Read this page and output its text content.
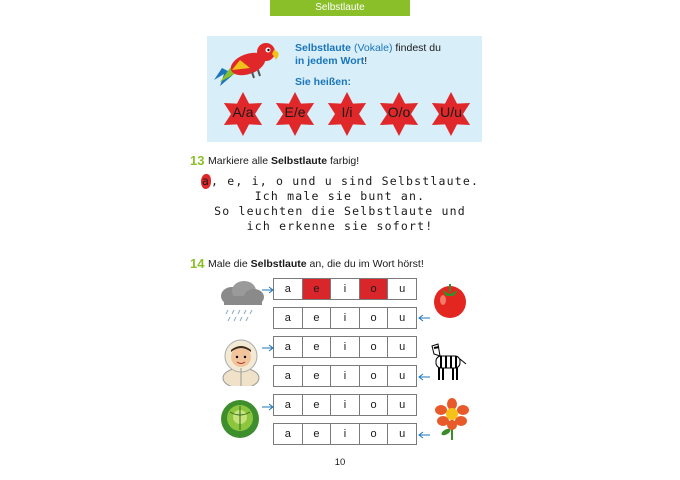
Selbstlaute
Selbstlaute (Vokale) findest du
in jedem Wort!
Sie heißen:
A/a	E/e	I/i	O/o	U/u
13 Markiere alle Selbstlaute farbig!
a, e, i, o und u sind Selbstlaute.
Ich male sie bunt an.
So leuchten die Selbstlaute und
ich erkenne sie sofort!
14 Male die Selbstlaute an, die du im Wort hörst!
a	e	i	o	u
a	e	i	o	u
a	e	i	o	u
a	e	i	o	u
a	e	i	o	u
a	e	i	o	u
10
